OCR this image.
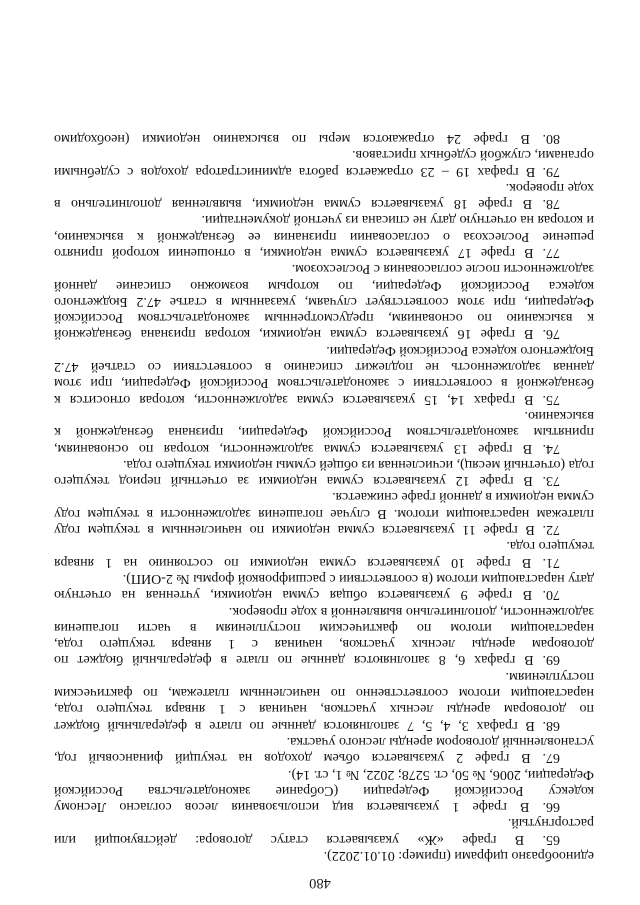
480
единообразно цифрами (пример: 01.01.2022).
65. В графе «Ж» указывается статус договора: действующий или
расторгнутый.
66. В графе 1 указывается вид использования лесов согласно Лесному
кодексу Российской Федерации (Собрание законодательства Российской
Федерации, 2006, № 50, ст. 5278; 2022, № 1, ст. 14).
67. В графе 2 указывается объем доходов на текущий финансовый год,
установленный договором аренды лесного участка.
68. В графах 3, 4, 5, 7 заполняются данные по плате в федеральный бюджет
по договорам аренды лесных участков, начиная с 1 января текущего года,
нарастающим итогом соответственно по начисленным платежам, по фактическим
поступлениям.
69. В графах 6, 8 заполняются данные по плате в федеральный бюджет по
договорам аренды лесных участков, начиная с 1 января текущего года,
нарастающим итогом по фактическим поступлениям в части погашения
задолженности, дополнительно выявленной в ходе проверок.
70. В графе 9 указывается общая сумма недоимки, учтенная на отчетную
дату нарастающим итогом (в соответствии с расшифровкой формы № 2-ОИП).
71. В графе 10 указывается сумма недоимки по состоянию на 1 января
текущего года.
72. В графе 11 указывается сумма недоимки по начисленным в текущем году
платежам нарастающим итогом. В случае погашения задолженности в текущем году
сумма недоимки в данной графе снижается.
73. В графе 12 указывается сумма недоимки за отчетный период текущего
года (отчетный месяц), исчисленная из общей суммы недоимки текущего года.
74. В графе 13 указывается сумма задолженности, которая по основаниям,
принятым законодательством Российской Федерации, признана безнадежной к
взысканию.
75. В графах 14, 15 указывается сумма задолженности, которая относится к
безнадежной в соответствии с законодательством Российской Федерации, при этом
данная задолженность не подлежит списанию в соответствии со статьей 47.2
Бюджетного кодекса Российской Федерации.
76. В графе 16 указывается сумма недоимки, которая признана безнадежной
к взысканию по основаниям, предусмотренным законодательством Российской
Федерации, при этом соответствует случаям, указанным в статье 47.2 Бюджетного
кодекса Российской Федерации, по которым возможно списание данной
задолженности после согласования с Рослесхозом.
77. В графе 17 указывается сумма недоимки, в отношении которой принято
решение Рослесхоза о согласовании признания ее безнадежной к взысканию,
и которая на отчетную дату не списана из учетной документации.
78. В графе 18 указывается сумма недоимки, выявленная дополнительно в
ходе проверок.
79. В графах 19 – 23 отражается работа администратора доходов с судебными
органами, службой судебных приставов.
80. В графе 24 отражаются меры по взысканию недоимки (необходимо
